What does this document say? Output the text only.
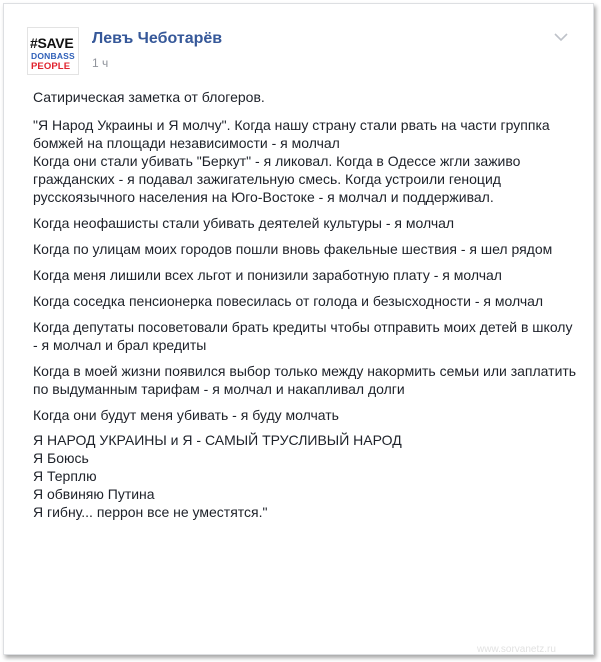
#SAVE
DONBASS
PEOPLE
Левъ Чеботарёв
1 ч

Сатирическая заметка от блогеров.

"Я Народ Украины и Я молчу". Когда нашу страну стали рвать на части группка бомжей на площади независимости - я молчал
Когда они стали убивать "Беркут" - я ликовал. Когда в Одессе жгли заживо гражданских - я подавал зажигательную смесь. Когда устроили геноцид русскоязычного населения на Юго-Востоке - я молчал и поддерживал.

Когда неофашисты стали убивать деятелей культуры - я молчал

Когда по улицам моих городов пошли вновь факельные шествия - я шел рядом

Когда меня лишили всех льгот и понизили заработную плату - я молчал

Когда соседка пенсионерка повесилась от голода и безысходности - я молчал

Когда депутаты посоветовали брать кредиты чтобы отправить моих детей в школу - я молчал и брал кредиты

Когда в моей жизни появился выбор только между накормить семьи или заплатить по выдуманным тарифам - я молчал и накапливал долги

Когда они будут меня убивать - я буду молчать

Я НАРОД УКРАИНЫ и Я - САМЫЙ ТРУСЛИВЫЙ НАРОД
Я Боюсь
Я Терплю
Я обвиняю Путина
Я гибну... перрон все не уместятся."

www.sorvanetz.ru
